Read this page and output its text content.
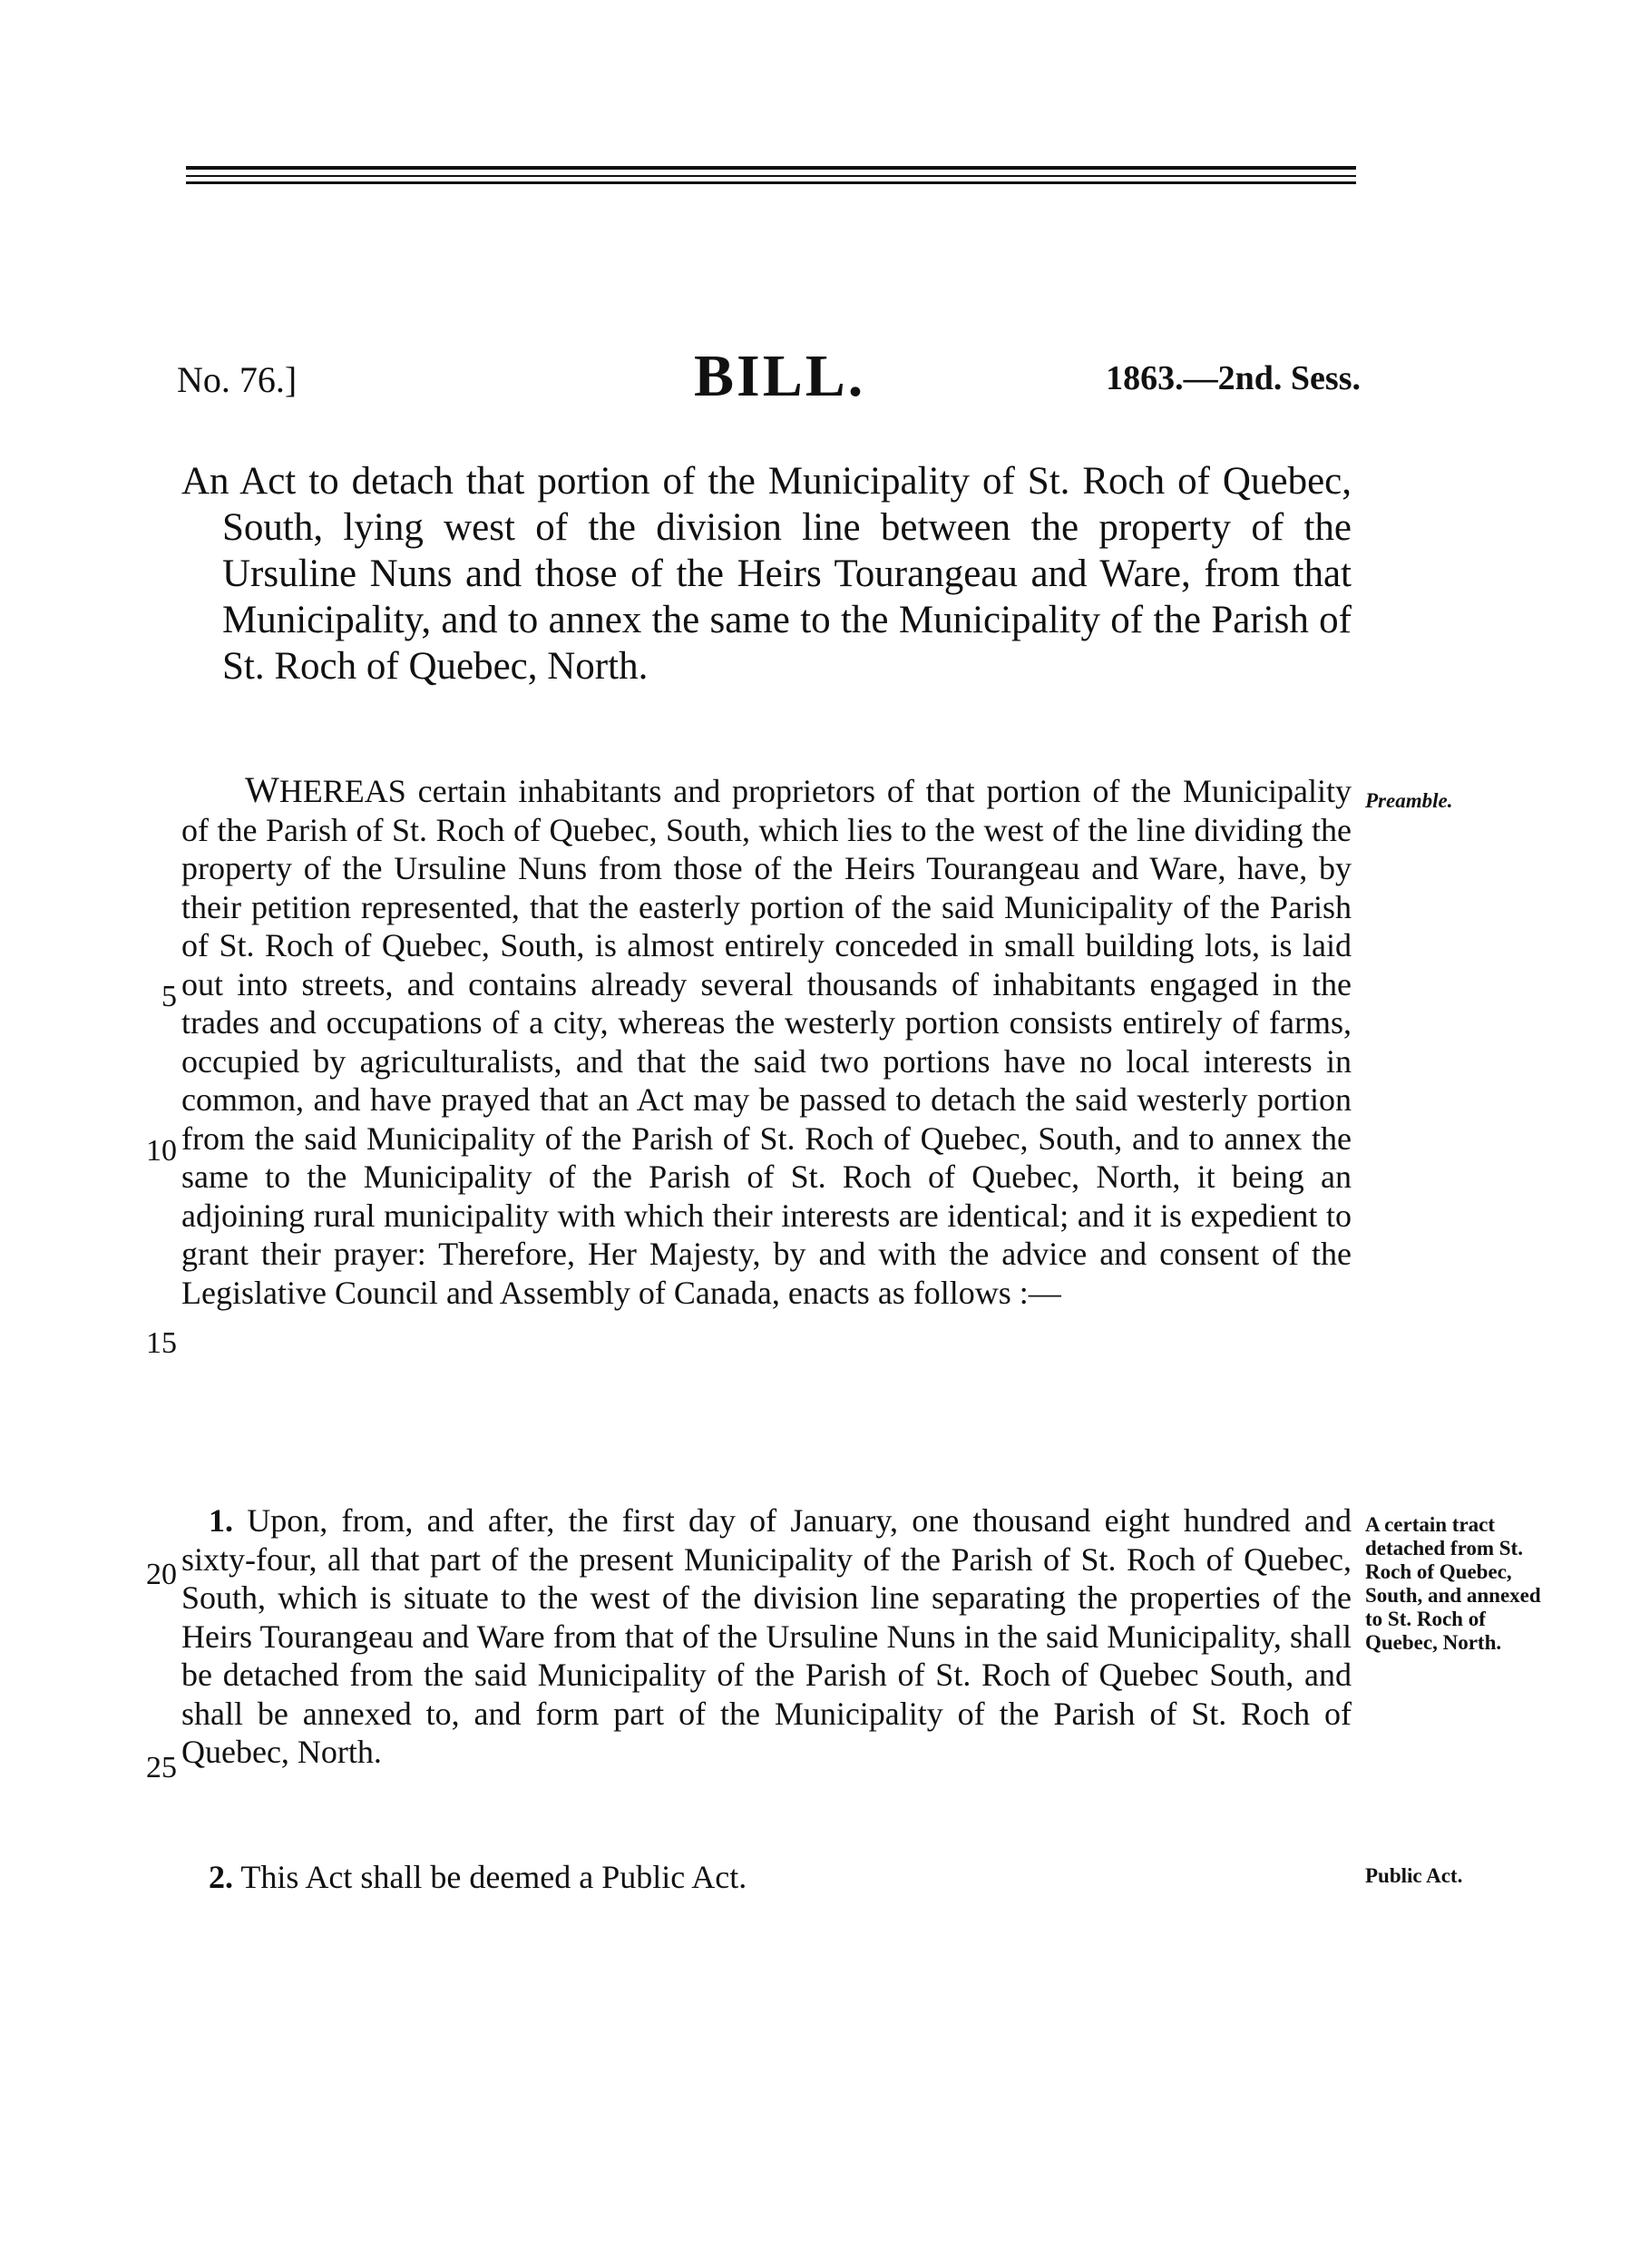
No. 76.]	BILL.	1863.—2nd. Sess.
An Act to detach that portion of the Municipality of St. Roch of Quebec, South, lying west of the division line between the property of the Ursuline Nuns and those of the Heirs Tourangeau and Ware, from that Municipality, and to annex the same to the Municipality of the Parish of St. Roch of Quebec, North.
WHEREAS certain inhabitants and proprietors of that portion of the Municipality of the Parish of St. Roch of Quebec, South, which lies to the west of the line dividing the property of the Ursuline Nuns from those of the Heirs Tourangeau and Ware, have, by their petition represented, that the easterly portion of the said Municipality of the Parish of St. Roch of Quebec, South, is almost entirely conceded in small building lots, is laid out into streets, and contains already several thousands of inhabitants engaged in the trades and occupations of a city, whereas the westerly portion consists entirely of farms, occupied by agriculturalists, and that the said two portions have no local interests in common, and have prayed that an Act may be passed to detach the said westerly portion from the said Municipality of the Parish of St. Roch of Quebec, South, and to annex the same to the Municipality of the Parish of St. Roch of Quebec, North, it being an adjoining rural municipality with which their interests are identical; and it is expedient to grant their prayer: Therefore, Her Majesty, by and with the advice and consent of the Legislative Council and Assembly of Canada, enacts as follows :—
1. Upon, from, and after, the first day of January, one thousand eight hundred and sixty-four, all that part of the present Municipality of the Parish of St. Roch of Quebec, South, which is situate to the west of the division line separating the properties of the Heirs Tourangeau and Ware from that of the Ursuline Nuns in the said Municipality, shall be detached from the said Municipality of the Parish of St. Roch of Quebec South, and shall be annexed to, and form part of the Municipality of the Parish of St. Roch of Quebec, North.
2. This Act shall be deemed a Public Act.
5
10
15
20
25
Preamble.
A certain tract detached from St. Roch of Quebec, South, and annexed to St. Roch of Quebec, North.
Public Act.
